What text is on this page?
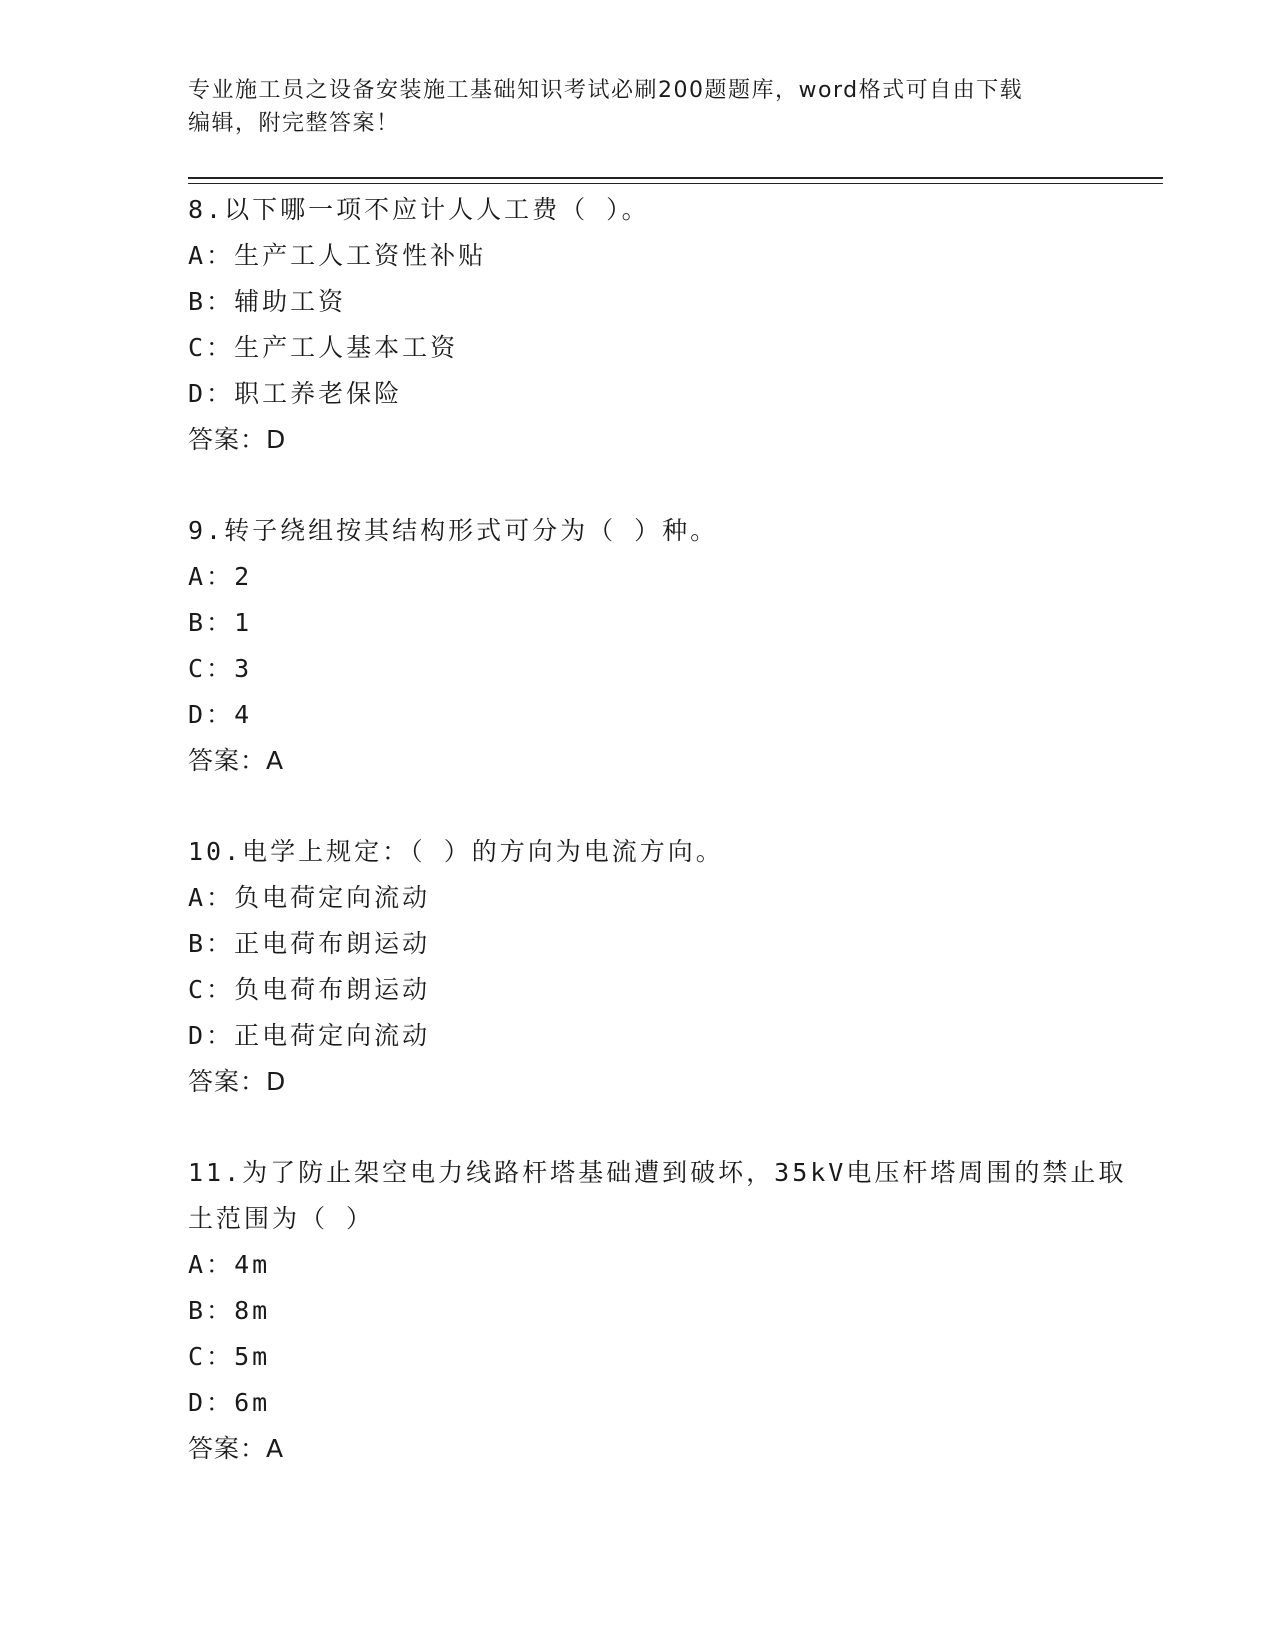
专业施工员之设备安装施工基础知识考试必刷200题题库，word格式可自由下载
编辑，附完整答案！
8.以下哪一项不应计人人工费（ ）。
A：生产工人工资性补贴
B：辅助工资
C：生产工人基本工资
D：职工养老保险
答案：D
9.转子绕组按其结构形式可分为（ ）种。
A：2
B：1
C：3
D：4
答案：A
10.电学上规定：（ ）的方向为电流方向。
A：负电荷定向流动
B：正电荷布朗运动
C：负电荷布朗运动
D：正电荷定向流动
答案：D
11.为了防止架空电力线路杆塔基础遭到破坏，35kV电压杆塔周围的禁止取土范围为（ ）
A：4m
B：8m
C：5m
D：6m
答案：A
